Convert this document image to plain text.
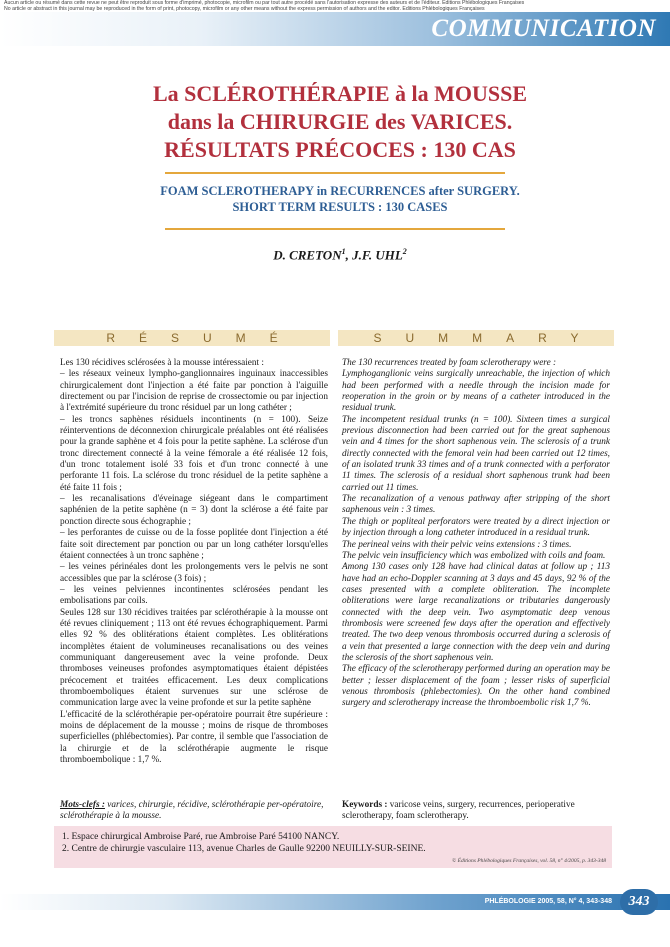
Aucun article ou résumé dans cette revue ne peut être reproduit sous forme d'imprimé, photocopie, microfilm ou par tout autre procédé sans l'autorisation expresse des auteurs et de l'éditeur. Editions Phlébologiques Françaises
No article or abstract in this journal may be reproduced in the form of print, photocopy, microfilm or any other means without the express permission of authors and the editor. Editions Phlébologiques Françaises
COMMUNICATION
La SCLÉROTHÉRAPIE à la MOUSSE
dans la CHIRURGIE des VARICES.
RÉSULTATS PRÉCOCES : 130 CAS
FOAM SCLEROTHERAPY in RECURRENCES after SURGERY.
SHORT TERM RESULTS : 130 CASES
D. CRETON$^1$, J.F. UHL$^2$
RÉSUMÉ	SUMMARY

Les 130 récidives sclérosées à la mousse intéressaient :

– les réseaux veineux lympho-ganglionnaires inguinaux inaccessibles chirurgicalement dont l'injection a été faite par ponction à l'aiguille directement ou par l'incision de reprise de crossectomie ou par injection à l'extrémité supérieure du tronc résiduel par un long cathéter ;

– les troncs saphènes résiduels incontinents (n = 100). Seize réinterventions de déconnexion chirurgicale préalables ont été réalisées pour la grande saphène et 4 fois pour la petite saphène. La sclérose d'un tronc directement connecté à la veine fémorale a été réalisée 12 fois, d'un tronc totalement isolé 33 fois et d'un tronc connecté à une perforante 11 fois. La sclérose du tronc résiduel de la petite saphène a été faite 11 fois ;

– les recanalisations d'éveinage siégeant dans le compartiment saphénien de la petite saphène (n = 3) dont la sclérose a été faite par ponction directe sous échographie ;

– les perforantes de cuisse ou de la fosse poplitée dont l'injection a été faite soit directement par ponction ou par un long cathéter lorsqu'elles étaient connectées à un tronc saphène ;

– les veines périnéales dont les prolongements vers le pelvis ne sont accessibles que par la sclérose (3 fois) ;

– les veines pelviennes incontinentes sclérosées pendant les embolisations par coils.

Seules 128 sur 130 récidives traitées par sclérothérapie à la mousse ont été revues cliniquement ; 113 ont été revues échographiquement. Parmi elles 92 % des oblitérations étaient complètes. Les oblitérations incomplètes étaient de volumineuses recanalisations ou des veines communiquant dangereusement avec la veine profonde. Deux thromboses veineuses profondes asymptomatiques étaient dépistées précocement et traitées efficacement. Les deux complications thromboemboliques étaient survenues sur une sclérose de communication large avec la veine profonde et sur la petite saphène

L'efficacité de la sclérothérapie per-opératoire pourrait être supérieure : moins de déplacement de la mousse ; moins de risque de thromboses superficielles (phlébectomies). Par contre, il semble que l'association de la chirurgie et de la sclérothérapie augmente le risque thromboembolique : 1,7 %.

The 130 recurrences treated by foam sclerotherapy were :

Lymphoganglionic veins surgically unreachable, the injection of which had been performed with a needle through the incision made for reoperation in the groin or by means of a catheter introduced in the residual trunk.

The incompetent residual trunks (n = 100). Sixteen times a surgical previous disconnection had been carried out for the great saphenous vein and 4 times for the short saphenous vein. The sclerosis of a trunk directly connected with the femoral vein had been carried out 12 times, of an isolated trunk 33 times and of a trunk connected with a perforator 11 times. The sclerosis of a residual short saphenous trunk had been carried out 11 times.

The recanalization of a venous pathway after stripping of the short saphenous vein : 3 times.

The thigh or popliteal perforators were treated by a direct injection or by injection through a long catheter introduced in a residual trunk.

The perineal veins with their pelvic veins extensions : 3 times.

The pelvic vein insufficiency which was embolized with coils and foam.

Among 130 cases only 128 have had clinical datas at follow up ; 113 have had an echo-Doppler scanning at 3 days and 45 days, 92 % of the cases presented with a complete obliteration. The incomplete obliterations were large recanalizations or tributaries dangerously connected with the deep vein. Two asymptomatic deep venous thrombosis were screened few days after the operation and effectively treated. The two deep venous thrombosis occurred during a sclerosis of a vein that presented a large connection with the deep vein and during the sclerosis of the short saphenous vein.

The efficacy of the sclerotherapy performed during an operation may be better ; lesser displacement of the foam ; lesser risks of superficial venous thrombosis (phlebectomies). On the other hand combined surgery and sclerotherapy increase the thromboembolic risk 1,7 %.

Mots-clefs : varices, chirurgie, récidive, sclérothérapie per-opératoire, sclérothérapie à la mousse.
Keywords : varicose veins, surgery, recurrences, perioperative sclerotherapy, foam sclerotherapy.
1. Espace chirurgical Ambroise Paré, rue Ambroise Paré 54100 NANCY.
2. Centre de chirurgie vasculaire 113, avenue Charles de Gaulle 92200 NEUILLY-SUR-SEINE.
© Éditions Phlébologiques Françaises, vol. 58, n° 4/2005, p. 343-348
PHLÉBOLOGIE 2005, 58, N° 4, 343-348	343
